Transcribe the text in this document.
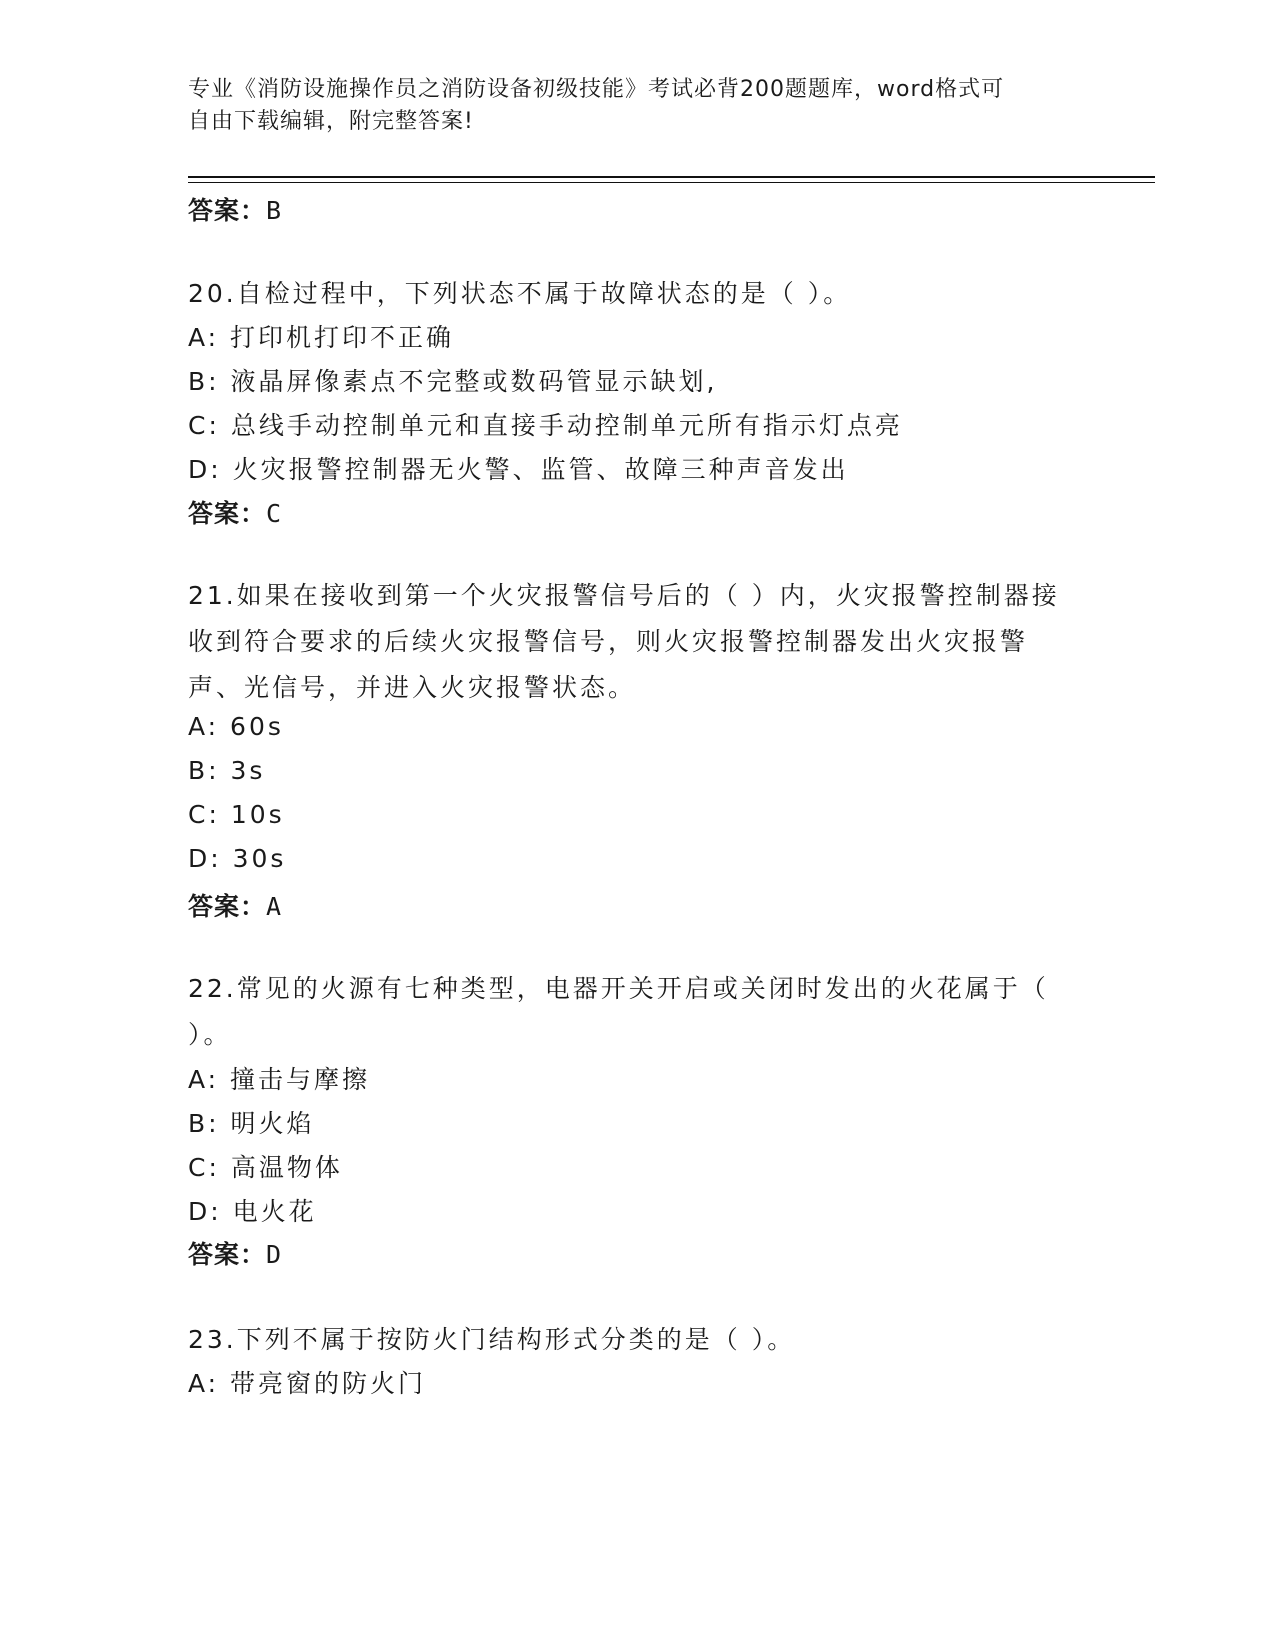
专业《消防设施操作员之消防设备初级技能》考试必背200题题库，word格式可
自由下载编辑，附完整答案!
答案：B
20.自检过程中，下列状态不属于故障状态的是（ ）。
A: 打印机打印不正确
B: 液晶屏像素点不完整或数码管显示缺划,
C: 总线手动控制单元和直接手动控制单元所有指示灯点亮
D: 火灾报警控制器无火警、监管、故障三种声音发出
答案：C
21.如果在接收到第一个火灾报警信号后的（ ）内，火灾报警控制器接收到符合要求的后续火灾报警信号，则火灾报警控制器发出火灾报警声、光信号，并进入火灾报警状态。
A: 60s
B: 3s
C: 10s
D: 30s
答案：A
22.常见的火源有七种类型，电器开关开启或关闭时发出的火花属于（ ）。
A: 撞击与摩擦
B: 明火焰
C: 高温物体
D: 电火花
答案：D
23.下列不属于按防火门结构形式分类的是（ ）。
A: 带亮窗的防火门
